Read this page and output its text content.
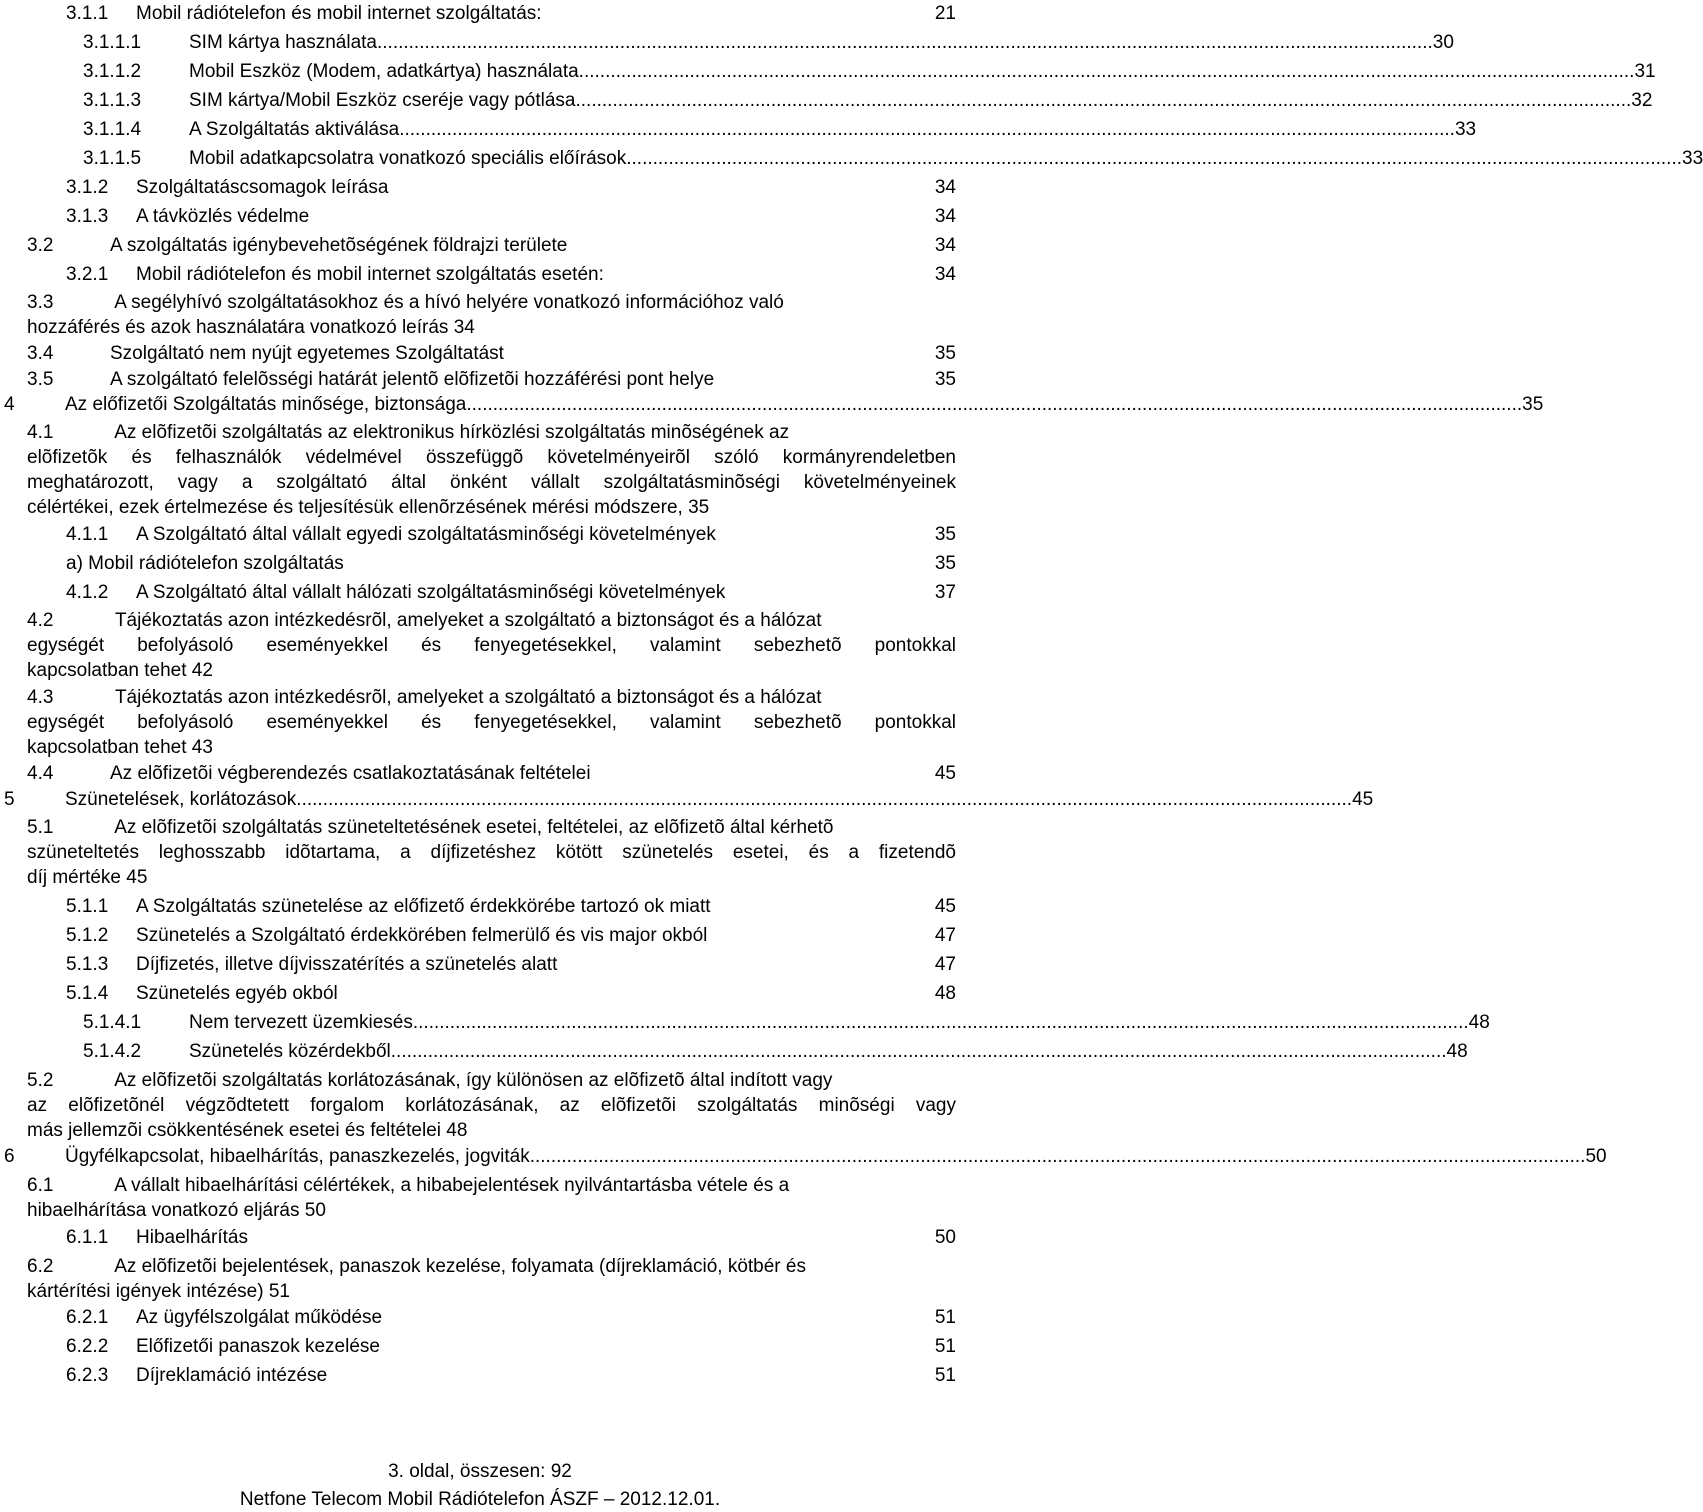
3.1.1	Mobil rádiótelefon és mobil internet szolgáltatás:	21
3.1.1.1	SIM kártya használata .....	30
3.1.1.2	Mobil Eszköz (Modem, adatkártya) használata .....	31
3.1.1.3	SIM kártya/Mobil Eszköz cseréje vagy pótlása .....	32
3.1.1.4	A Szolgáltatás aktiválása .....	33
3.1.1.5	Mobil adatkapcsolatra vonatkozó speciális előírások .....	33
3.1.2	Szolgáltatáscsomagok leírása	34
3.1.3	A távközlés védelme	34
3.2	A szolgáltatás igénybevehetõségének földrajzi területe	34
3.2.1	Mobil rádiótelefon és mobil internet szolgáltatás esetén:	34
3.3	A segélyhívó szolgáltatásokhoz és a hívó helyére vonatkozó információhoz való
hozzáférés és azok használatára vonatkozó leírás 34
3.4	Szolgáltató nem nyújt egyetemes Szolgáltatást	35
3.5	A szolgáltató felelõsségi határát jelentõ elõfizetõi hozzáférési pont helye	35
4	Az előfizetői Szolgáltatás minősége, biztonsága .....	35
4.1	Az elõfizetõi szolgáltatás az elektronikus hírközlési szolgáltatás minõségének az
elõfizetõk és felhasználók védelmével összefüggõ követelményeirõl szóló kormányrendeletben
meghatározott, vagy a szolgáltató által önként vállalt szolgáltatásminõségi követelményeinek
célértékei, ezek értelmezése és teljesítésük ellenõrzésének mérési módszere, 35
4.1.1	A Szolgáltató által vállalt egyedi szolgáltatásminőségi követelmények	35
a) Mobil rádiótelefon szolgáltatás	35
4.1.2	A Szolgáltató által vállalt hálózati szolgáltatásminőségi követelmények	37
4.2	Tájékoztatás azon intézkedésrõl, amelyeket a szolgáltató a biztonságot és a hálózat
egységét befolyásoló eseményekkel és fenyegetésekkel, valamint sebezhetõ pontokkal
kapcsolatban tehet 42
4.3	Tájékoztatás azon intézkedésrõl, amelyeket a szolgáltató a biztonságot és a hálózat
egységét befolyásoló eseményekkel és fenyegetésekkel, valamint sebezhetõ pontokkal
kapcsolatban tehet 43
4.4	Az elõfizetõi végberendezés csatlakoztatásának feltételei	45
5	Szünetelések, korlátozások .....	45
5.1	Az elõfizetõi szolgáltatás szüneteltetésének esetei, feltételei, az elõfizetõ által kérhetõ
szüneteltetés leghosszabb idõtartama, a díjfizetéshez kötött szünetelés esetei, és a fizetendõ
díj mértéke 45
5.1.1	A Szolgáltatás szünetelése az előfizető érdekkörébe tartozó ok miatt	45
5.1.2	Szünetelés a Szolgáltató érdekkörében felmerülő és vis major okból	47
5.1.3	Díjfizetés, illetve díjvisszatérítés a szünetelés alatt	47
5.1.4	Szünetelés egyéb okból	48
5.1.4.1	Nem tervezett üzemkiesés .....	48
5.1.4.2	Szünetelés közérdekből .....	48
5.2	Az elõfizetõi szolgáltatás korlátozásának, így különösen az elõfizetõ által indított vagy
az elõfizetõnél végzõdtetett forgalom korlátozásának, az elõfizetõi szolgáltatás minõségi vagy
más jellemzõi csökkentésének esetei és feltételei 48
6	Ügyfélkapcsolat, hibaelhárítás, panaszkezelés, jogviták .....	50
6.1	A vállalt hibaelhárítási célértékek, a hibabejelentések nyilvántartásba vétele és a
hibaelhárítása vonatkozó eljárás 50
6.1.1	Hibaelhárítás	50
6.2	Az elõfizetõi bejelentések, panaszok kezelése, folyamata (díjreklamáció, kötbér és
kártérítési igények intézése) 51
6.2.1	Az ügyfélszolgálat működése	51
6.2.2	Előfizetői panaszok kezelése	51
6.2.3	Díjreklamáció intézése	51
3. oldal, összesen: 92
Netfone Telecom Mobil Rádiótelefon ÁSZF – 2012.12.01.
